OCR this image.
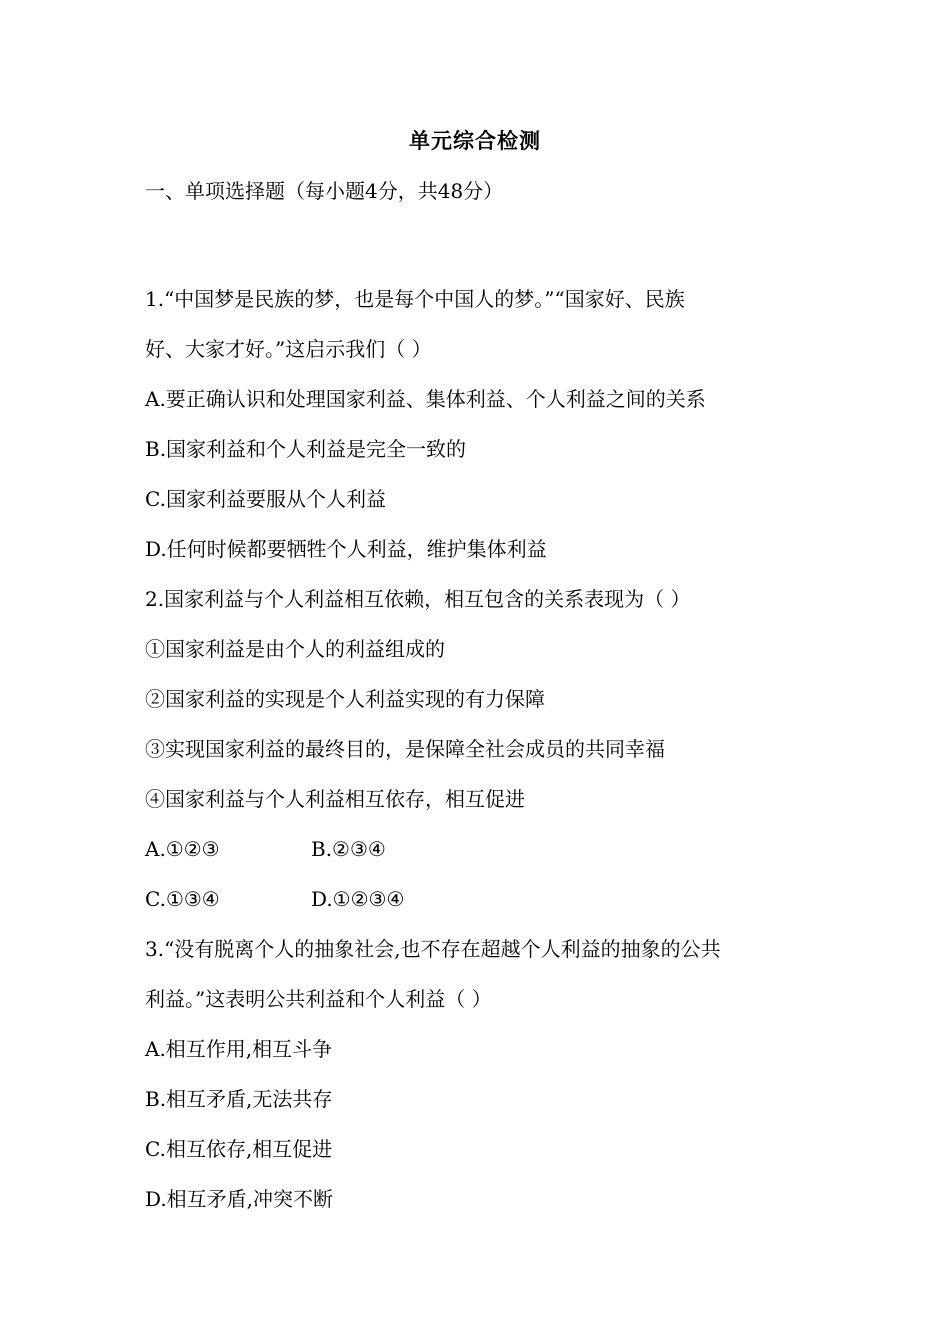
单元综合检测
一、单项选择题（每小题4分，共48分）
1.“中国梦是民族的梦，也是每个中国人的梦。”“国家好、民族
好、大家才好。”这启示我们（ ）
A.要正确认识和处理国家利益、集体利益、个人利益之间的关系
B.国家利益和个人利益是完全一致的
C.国家利益要服从个人利益
D.任何时候都要牺牲个人利益，维护集体利益
2.国家利益与个人利益相互依赖，相互包含的关系表现为（ ）
①国家利益是由个人的利益组成的
②国家利益的实现是个人利益实现的有力保障
③实现国家利益的最终目的，是保障全社会成员的共同幸福
④国家利益与个人利益相互依存，相互促进
A.①②③	B.②③④
C.①③④	D.①②③④
3.“没有脱离个人的抽象社会,也不存在超越个人利益的抽象的公共
利益。”这表明公共利益和个人利益（ ）
A.相互作用,相互斗争
B.相互矛盾,无法共存
C.相互依存,相互促进
D.相互矛盾,冲突不断
